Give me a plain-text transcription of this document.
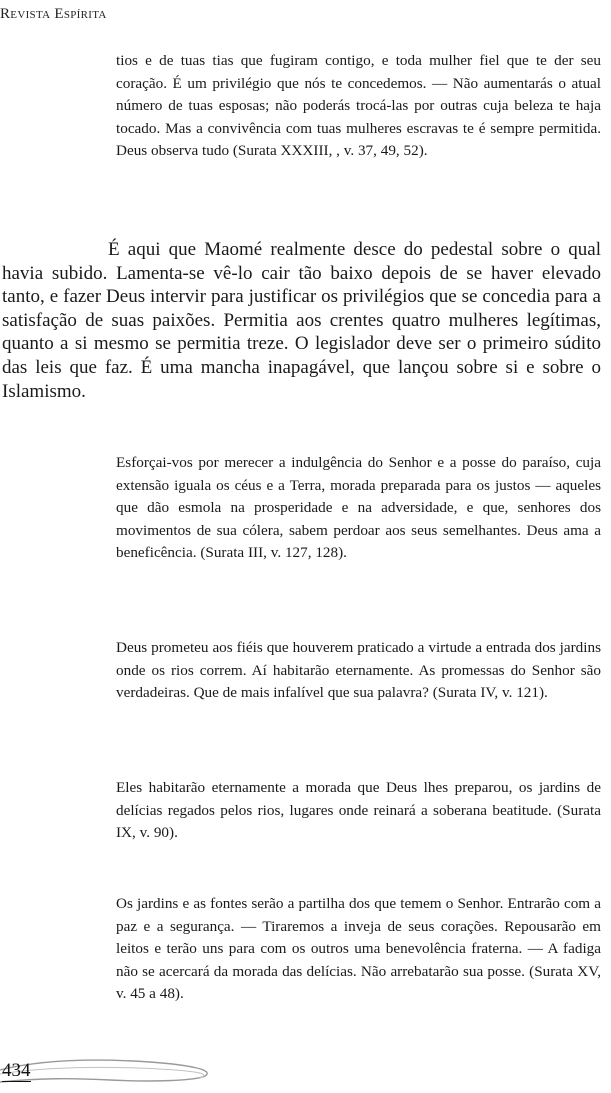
Revista Espírita

tios e de tuas tias que fugiram contigo, e toda mulher fiel que te der seu coração. É um privilégio que nós te concedemos. — Não aumentarás o atual número de tuas esposas; não poderás trocá-las por outras cuja beleza te haja tocado. Mas a convivência com tuas mulheres escravas te é sempre permitida. Deus observa tudo (Surata XXXIII, , v. 37, 49, 52).

É aqui que Maomé realmente desce do pedestal sobre o qual havia subido. Lamenta-se vê-lo cair tão baixo depois de se haver elevado tanto, e fazer Deus intervir para justificar os privilégios que se concedia para a satisfação de suas paixões. Permitia aos crentes quatro mulheres legítimas, quanto a si mesmo se permitia treze. O legislador deve ser o primeiro súdito das leis que faz. É uma mancha inapagável, que lançou sobre si e sobre o Islamismo.

Esforçai-vos por merecer a indulgência do Senhor e a posse do paraíso, cuja extensão iguala os céus e a Terra, morada preparada para os justos — aqueles que dão esmola na prosperidade e na adversidade, e que, senhores dos movimentos de sua cólera, sabem perdoar aos seus semelhantes. Deus ama a beneficência. (Surata III, v. 127, 128).

Deus prometeu aos fiéis que houverem praticado a virtude a entrada dos jardins onde os rios correm. Aí habitarão eternamente. As promessas do Senhor são verdadeiras. Que de mais infalível que sua palavra? (Surata IV, v. 121).

Eles habitarão eternamente a morada que Deus lhes preparou, os jardins de delícias regados pelos rios, lugares onde reinará a soberana beatitude. (Surata IX, v. 90).

Os jardins e as fontes serão a partilha dos que temem o Senhor. Entrarão com a paz e a segurança. — Tiraremos a inveja de seus corações. Repousarão em leitos e terão uns para com os outros uma benevolência fraterna. — A fadiga não se acercará da morada das delícias. Não arrebatarão sua posse. (Surata XV, v. 45 a 48).

434
